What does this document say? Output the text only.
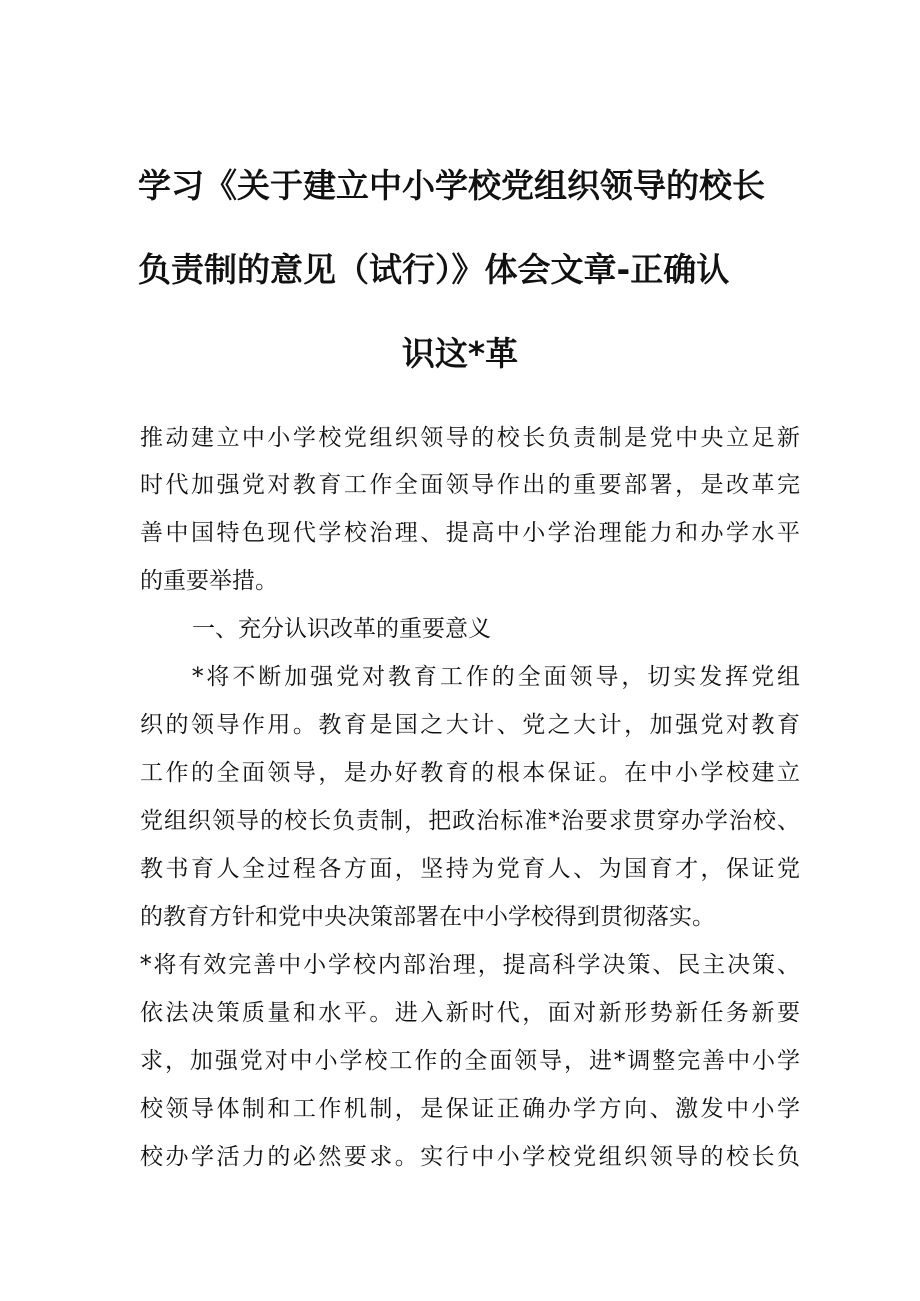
学习《关于建立中小学校党组织领导的校长
负责制的意见（试行）》体会文章-正确认
识这*革
推动建立中小学校党组织领导的校长负责制是党中央立足新
时代加强党对教育工作全面领导作出的重要部署，是改革完
善中国特色现代学校治理、提高中小学治理能力和办学水平
的重要举措。
一、充分认识改革的重要意义
*将不断加强党对教育工作的全面领导，切实发挥党组
织的领导作用。教育是国之大计、党之大计，加强党对教育
工作的全面领导，是办好教育的根本保证。在中小学校建立
党组织领导的校长负责制，把政治标准*治要求贯穿办学治校、
教书育人全过程各方面，坚持为党育人、为国育才，保证党
的教育方针和党中央决策部署在中小学校得到贯彻落实。
*将有效完善中小学校内部治理，提高科学决策、民主决策、
依法决策质量和水平。进入新时代，面对新形势新任务新要
求，加强党对中小学校工作的全面领导，进*调整完善中小学
校领导体制和工作机制，是保证正确办学方向、激发中小学
校办学活力的必然要求。实行中小学校党组织领导的校长负
